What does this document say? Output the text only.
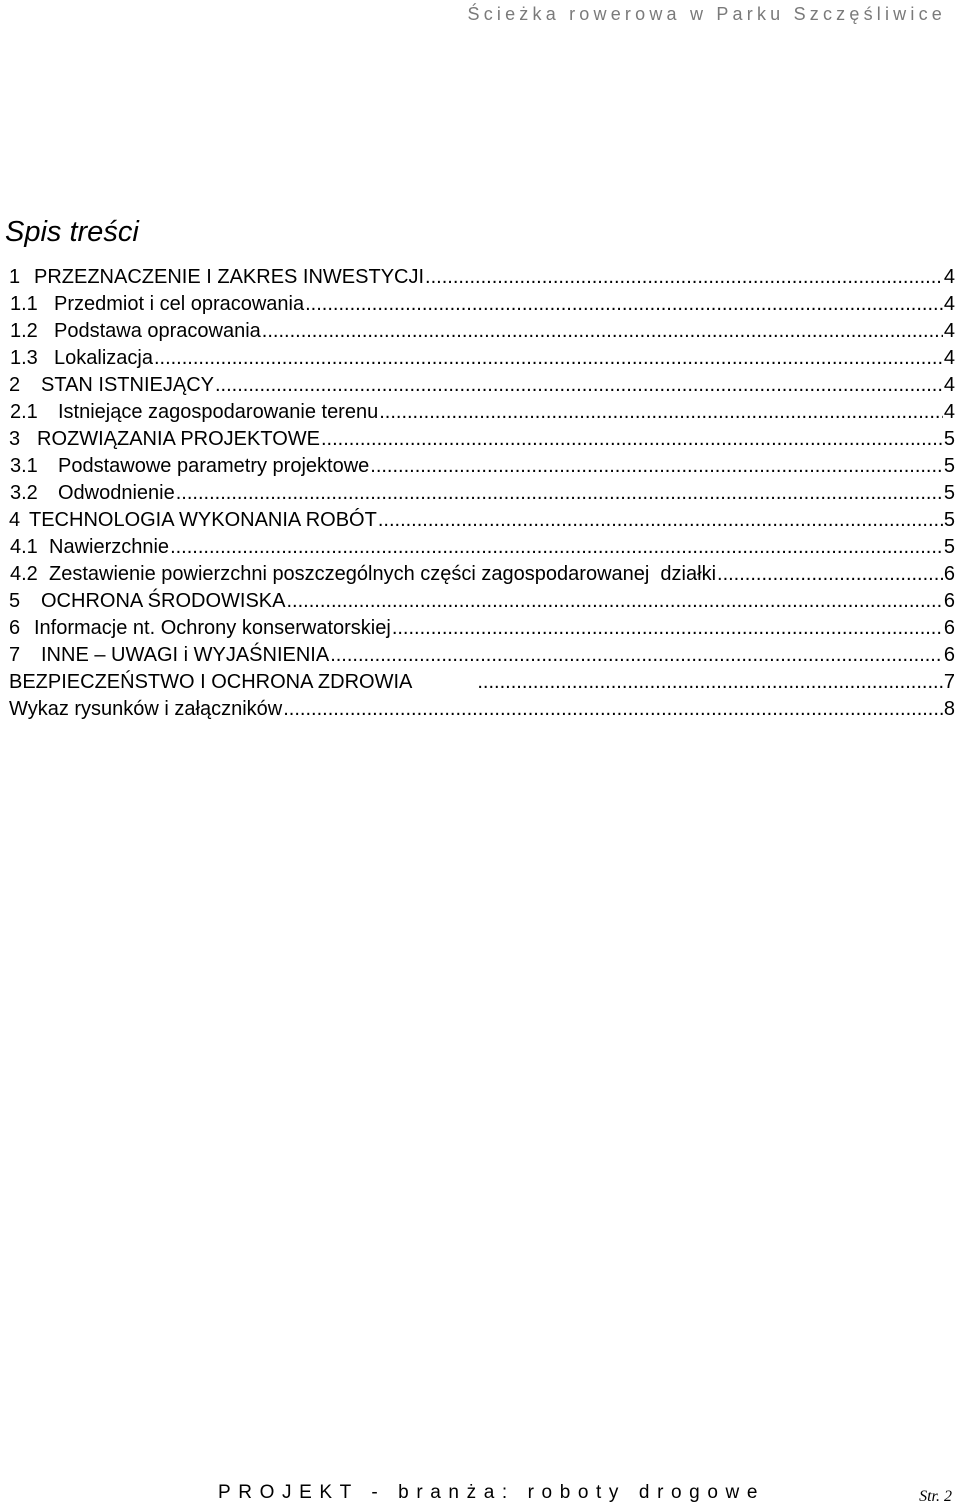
Ścieżka rowerowa w Parku Szczęśliwice
Spis treści
1 PRZEZNACZENIE I ZAKRES INWESTYCJI .....	4
1.1 Przedmiot i cel opracowania .....	4
1.2 Podstawa opracowania .....	4
1.3 Lokalizacja .....	4
2	STAN ISTNIEJĄCY .....	4
2.1	Istniejące zagospodarowanie terenu .....	4
3 ROZWIĄZANIA PROJEKTOWE .....	5
3.1	Podstawowe parametry projektowe .....	5
3.2	Odwodnienie .....	5
4 TECHNOLOGIA WYKONANIA ROBÓT .....	5
4.1 Nawierzchnie .....	5
4.2 Zestawienie powierzchni poszczególnych części zagospodarowanej  działki .....	6
5	OCHRONA ŚRODOWISKA .....	6
6 Informacje nt. Ochrony konserwatorskiej .....	6
7	INNE – UWAGI i WYJAŚNIENIA .....	6
BEZPIECZEŃSTWO I OCHRONA ZDROWIA .....	7
Wykaz rysunków i załączników .....	8
PROJEKT - branża: roboty drogowe	Str. 2
